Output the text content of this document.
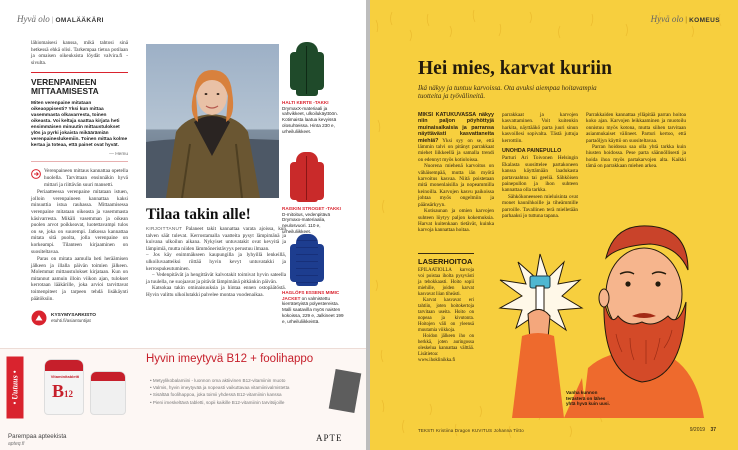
Hyvä olo | OMALÄÄKÄRI
lähiomaisesi kanssa, mikä tahtosi sinä hetkessä ehkä olisi. Tarkempaa tietoa potilaan ja omaisen oikeuksista löydät valvira.fi -sivulta.
VERENPAINEEN MITTAAMISESTA
Miten verenpaine mitataan oikeaoppisesti? Yksi kun mittaa vasemmasta olkavarresta, toinen oikeasta. Voi keltaja saattaa kirjata heti ensimmäisen minuutin mittaustulokset ylös ja pyrki jokaista mikäärämiän verenpaineslukemiin. Toinen mittaa kolme kertaa ja toteaa, että painet ovat hyvät.
— Hemu
Verenpaineen mittaus kannattaa opetella huolella. Tarvittaan ensinnäkin hyvä mittari ja riittävän suuri mansetti.
Periaatteessa verenpaine mitataan istuen, jolloin verenpaineen kannattaa kaksi minuuttia istua rauhassa. Mittaamisessa verenpaine mitataan oikeasta ja vasemmasta käsivarresta. Mikäli vasemman ja oikean puolen arvot poikkeavat, luotettavampi tulos on se, joka on suurempi. Jatkossa kannattaa mitata sitä puolta, jolla verenpaine on korkeampi. Tilanteen kirjaaminen on suositeltavaa.
Paras on mitata aamulla heti heräämisen jälkeen ja illalla päivän toimien jälkeen. Molemmat mittaustulokset kirjataan. Kun on mitannut aamuin illoin viikon ajan, tulokset kerrotaan lääkärille, joka arvioi tarvittavat toimenpiteet ja tarpeen tehdä lisäkäynti päätöksiin.
KYSYMYSARKISTO
etuhti.fi/asiantuntijat
Tilaa takin alle!
KIRJOITTANUT Palaneet takit kannattaa varata ajoissa, kun talven säät tulevat. Kerrostamalla vaatteita pysyt lämpimänä ja kuivana ulkoilun aikana. Nykyiset untuvatakit ovat kevyitä ja lämpimiä, mutta niiden lämmöneristävyys perustuu ilmaan.
– Jos käy enimmäkseen kaupungilla ja lyhyillä lenkeillä, ulkoiluvaatteiksi riittää hyvin kevyt untuvatakki ja kerrospukeutuminen.
– Vedenpitävät ja hengittävät kalvotakit toimivat hyvin sateella ja tuulella, ne suojaavat ja pitävät lämpimänä pitkänkin päivän.
Katsokaa takin ominaisuuksia ja hintaa ennen ostopäätöstä. Hyvin valittu ulkoilutakki palvelee montaa vuodenaikaa.
HALTI KERTE -TAKKI DrymaxX-materiaali ja vahvikkeet, ulkoilukäyttöön. Kotimaista laatua kevyissä olosuhteissa. Hinta 230 e, urheiluliikkeet.
RAISKIN STROGET -TAKKI D-mitoitus, vedenpitävä Drymaxx-materiaalia, neulosvuori. 110 e, urheiluliikkeet.
HAGLÖFS ESSENS MIMIC JACKET on valmistettu kierrätetyistä polyestereista. Malli saatavilla myös naisten kokoissa, 229 e, Jalkineet 199 e, urheiluliikkeistä.
• Uutuus •	Vitaminitabletti
B12
Hyvin imeytyvä B12 + foolihappo
• Metyylikobalamiini - luonnon oma aktiivinen B12-vitamiinin muoto
• Valmis, hyvin imeytyvää ja nopeasti vaikuttavaa vitamiinivalmistetta
• Sisältää foolihappoa, joka toimii yhdessä B12-vitamiinin kanssa
• Pieni imeskeltävä tabletti, sopii kaikille B12-vitamiinin tarvitsijoille
Parempaa apteekista
apteq.fi
APTE
Hyvä olo | KOMEUS
Hei mies, karvat kuriin
Ikä näkyy ja tuntuu karvoissa. Ota avuksi aiempaa hoitavampia tuotteita ja työvälineitä.
MIKSI KATUKUVASSA näkyy niin paljon pöyhöttyjä muinaisaikaisia ja parransa näyttävästi kasvattaneita miehiä? Yksi syy on se, että lämmin talvi on pitänyt parrakkaat miehet liikkeellä ja samalla trendi on edennyt myös kotioloissa.
Nuorena miehenä karvoitus on vähäisempää, mutta iän myötä karvoitus kasvaa. Niitä poistetaan mitä monenlaisilla ja nopeammilla keinoilla. Karvojen kasvu paikoissa johtaa myös ongelmiin ja päänsärkyyn.
Kotisaunan ja omien karvojen suhteen löytyy paljon kokemuksia. Harvat kuitenkaan tietävät, kuinka karvoja kannattaa hoitaa.
parrakkaat ja karvojen kasvattaminen. Voit kuitenkin harkita, näyttääkö parta juuri sinun kasvoillesi sopivalta. Tästä juttuja kerrottiin.
UNOHDA PAINEPULLO
Parturi Ari Toivonen Helsingin Ekalasta suosittelee partakoneen kanssa käyttämään laadukasta partavaahtoa tai geeliä. Sähköisen painepullon ja ihon suhteen kannattaa olla tarkka.
Sähkökoneeseen mieluisinta ovat monet kaunihkoille ja tiheämmille parroille. Tavallinen terä mielletään parhaaksi jo tuttuna tapana.
Parrakkaiden kannattaa ylläpitää parran hoitoa koko ajan. Karvojen leikkaaminen ja muotoilu onnistuu myös kotona, mutta siihen tarvitaan asianmukaiset välineet. Parturi kertoo, että partaöljyn käyttö on suositeltavaa.
Parran hoidossa saa olla yhtä tarkka kuin hiusten hoidossa. Pese parta säännöllisesti ja hoida ihoa myös partakarvojen alta. Kaikki tämä on parrakkaan miehen arkea.
LASERHOITOA
EPILAATIOLLA karvoja voi poistaa iholta pysyvästi ja tehokkaasti. Hoito sopii miehille, joiden karvat kasvavat liian tiheästi.
Karvat kasvavat eri tahtiin, joten hoitokertoja tarvitaan useita. Hoito on nopeaa ja kivutonta. Hoitojen väli on yleensä muutamia viikkoja.
Hoidon jälkeen iho on herkkä, joten auringossa oleskelua kannattaa välttää. Lisätietoa: www.ihoklinikka.fi
Vanha kunnon terästerä on lähes yhtä hyvä kuin uusi.
TEKSTI Kristiina Dragon KUVITUS Johanna Tiitto	9/2019 37
